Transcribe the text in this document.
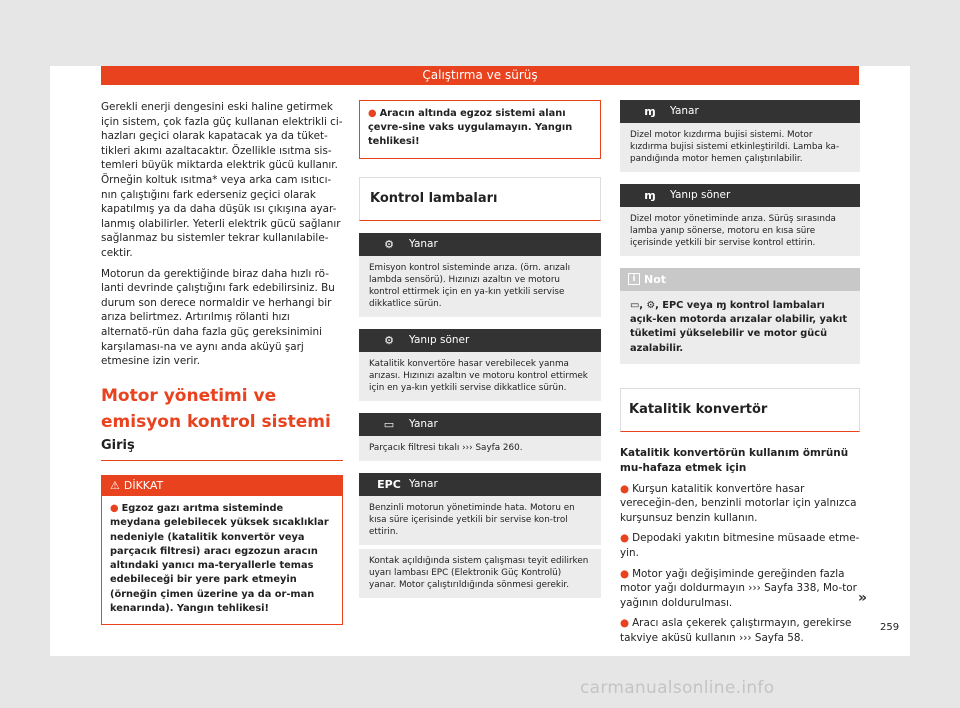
Çalıştırma ve sürüş

Gerekli enerji dengesini eski haline getirmek için sistem, çok fazla güç kullanan elektrikli ci-hazları geçici olarak kapatacak ya da tüket-tikleri akımı azaltacaktır. Özellikle ısıtma sis-temleri büyük miktarda elektrik gücü kullanır. Örneğin koltuk ısıtma* veya arka cam ısıtıcı-nın çalıştığını fark ederseniz geçici olarak kapatılmış ya da daha düşük ısı çıkışına ayar-lanmış olabilirler. Yeterli elektrik gücü sağlanır sağlanmaz bu sistemler tekrar kullanılabile-cektir.

Motorun da gerektiğinde biraz daha hızlı rö-lanti devrinde çalıştığını fark edebilirsiniz. Bu durum son derece normaldir ve herhangi bir arıza belirtmez. Artırılmış rölanti hızı alternatö-rün daha fazla güç gereksinimini karşılaması-na ve aynı anda aküyü şarj etmesine izin verir.

Motor yönetimi ve emisyon kontrol sistemi
Giriş
⚠ DİKKAT
● Egzoz gazı arıtma sisteminde meydana gelebilecek yüksek sıcaklıklar nedeniyle (katalitik konvertör veya parçacık filtresi) aracı egzozun aracın altındaki yanıcı ma-teryallerle temas edebileceği bir yere park etmeyin (örneğin çimen üzerine ya da or-man kenarında). Yangın tehlikesi!
● Aracın altında egzoz sistemi alanı çevre-sine vaks uygulamayın. Yangın tehlikesi!
Kontrol lambaları
⚙	Yanar
Emisyon kontrol sisteminde arıza. (örn. arızalı lambda sensörü). Hızınızı azaltın ve motoru kontrol ettirmek için en ya-kın yetkili servise dikkatlice sürün.
⚙	Yanıp söner
Katalitik konvertöre hasar verebilecek yanma arızası. Hızınızı azaltın ve motoru kontrol ettirmek için en ya-kın yetkili servise dikkatlice sürün.
▭	Yanar
Parçacık filtresi tıkalı ››› Sayfa 260.
EPC Yanar
Benzinli motorun yönetiminde hata. Motoru en kısa süre içerisinde yetkili bir servise kon-trol ettirin.
Kontak açıldığında sistem çalışması teyit edilirken uyarı lambası EPC (Elektronik Güç Kontrolü) yanar. Motor çalıştırıldığında sönmesi gerekir.
ɱ	Yanar
Dizel motor kızdırma bujisi sistemi. Motor kızdırma bujisi sistemi etkinleştirildi. Lamba ka-pandığında motor hemen çalıştırılabilir.
ɱ	Yanıp söner
Dizel motor yönetiminde arıza. Sürüş sırasında lamba yanıp sönerse, motoru en kısa süre içerisinde yetkili bir servise kontrol ettirin.
i Not
▭, ⚙, EPC veya ɱ kontrol lambaları açık-ken motorda arızalar olabilir, yakıt tüketimi yükselebilir ve motor gücü azalabilir.
Katalitik konvertör
Katalitik konvertörün kullanım ömrünü mu-hafaza etmek için

● Kurşun katalitik konvertöre hasar vereceğin-den, benzinli motorlar için yalnızca kurşunsuz benzin kullanın.

● Depodaki yakıtın bitmesine müsaade etme-yin.

● Motor yağı değişiminde gereğinden fazla motor yağı doldurmayın ››› Sayfa 338, Mo-tor yağının doldurulması.

● Aracı asla çekerek çalıştırmayın, gerekirse takviye aküsü kullanın ››› Sayfa 58.

»
259
carmanualsonline.info
